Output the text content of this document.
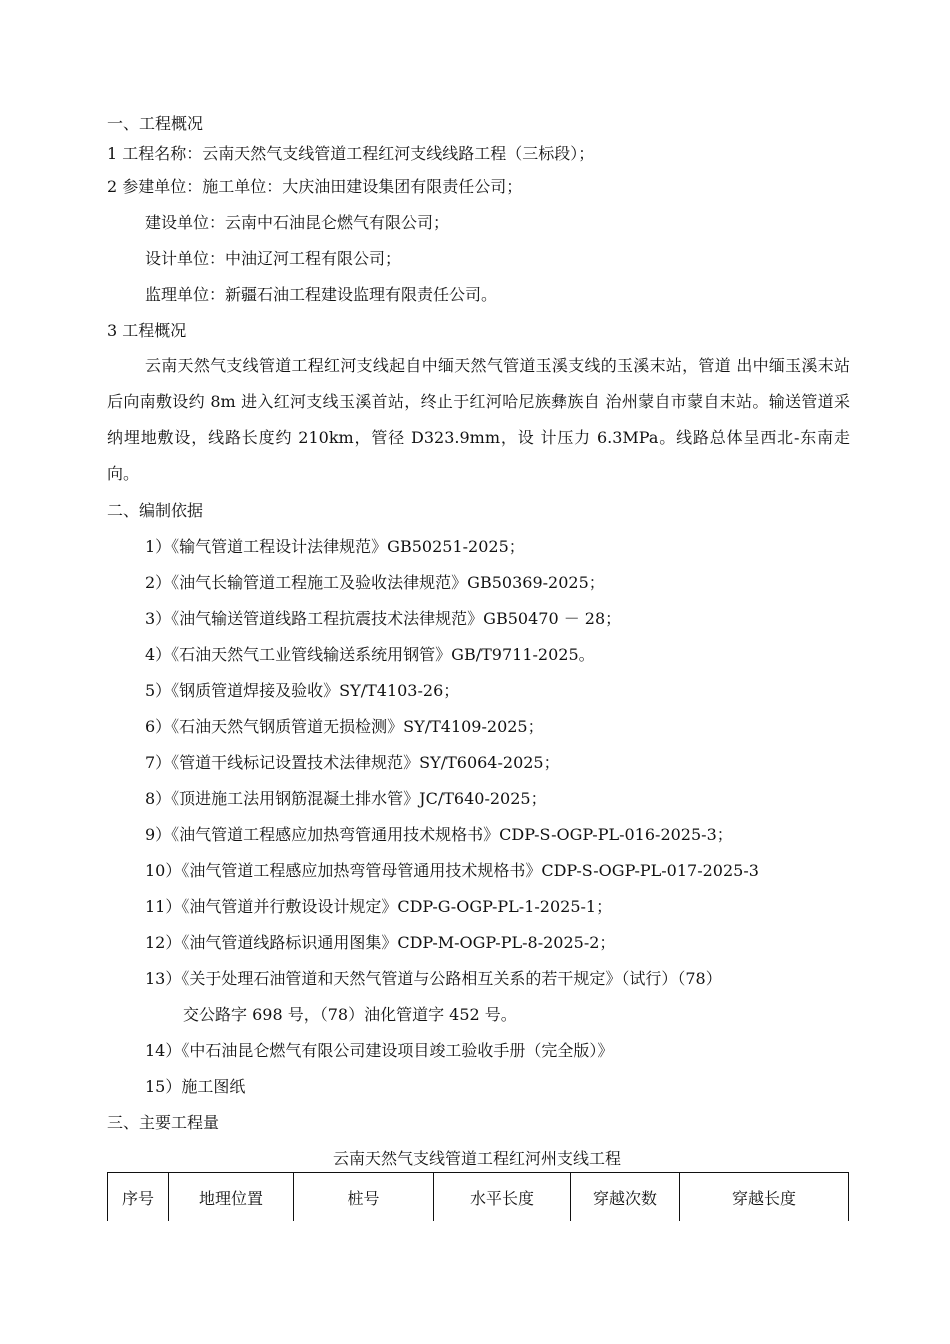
一、工程概况
1 工程名称：云南天然气支线管道工程红河支线线路工程（三标段）；
2 参建单位：施工单位：大庆油田建设集团有限责任公司；
建设单位：云南中石油昆仑燃气有限公司；
设计单位：中油辽河工程有限公司；
监理单位：新疆石油工程建设监理有限责任公司。
3 工程概况
云南天然气支线管道工程红河支线起自中缅天然气管道玉溪支线的玉溪末站，管道 出中缅玉溪末站后向南敷设约 8m 进入红河支线玉溪首站，终止于红河哈尼族彝族自 治州蒙自市蒙自末站。输送管道采纳埋地敷设，线路长度约 210km，管径 D323.9mm，设 计压力 6.3MPa。线路总体呈西北-东南走向。
二、编制依据
1）《输气管道工程设计法律规范》GB50251-2025；
2）《油气长输管道工程施工及验收法律规范》GB50369-2025；
3）《油气输送管道线路工程抗震技术法律规范》GB50470 － 28；
4）《石油天然气工业管线输送系统用钢管》GB/T9711-2025。
5）《钢质管道焊接及验收》SY/T4103-26；
6）《石油天然气钢质管道无损检测》SY/T4109-2025；
7）《管道干线标记设置技术法律规范》SY/T6064-2025；
8）《顶进施工法用钢筋混凝土排水管》JC/T640-2025；
9）《油气管道工程感应加热弯管通用技术规格书》CDP-S-OGP-PL-016-2025-3；
10）《油气管道工程感应加热弯管母管通用技术规格书》CDP-S-OGP-PL-017-2025-3
11）《油气管道并行敷设设计规定》CDP-G-OGP-PL-1-2025-1；
12）《油气管道线路标识通用图集》CDP-M-OGP-PL-8-2025-2；
13）《关于处理石油管道和天然气管道与公路相互关系的若干规定》（试行）（78）
交公路字 698 号，（78）油化管道字 452 号。
14）《中石油昆仑燃气有限公司建设项目竣工验收手册（完全版）》
15）施工图纸
三、主要工程量
云南天然气支线管道工程红河州支线工程
序号	地理位置	桩号	水平长度	穿越次数	穿越长度
